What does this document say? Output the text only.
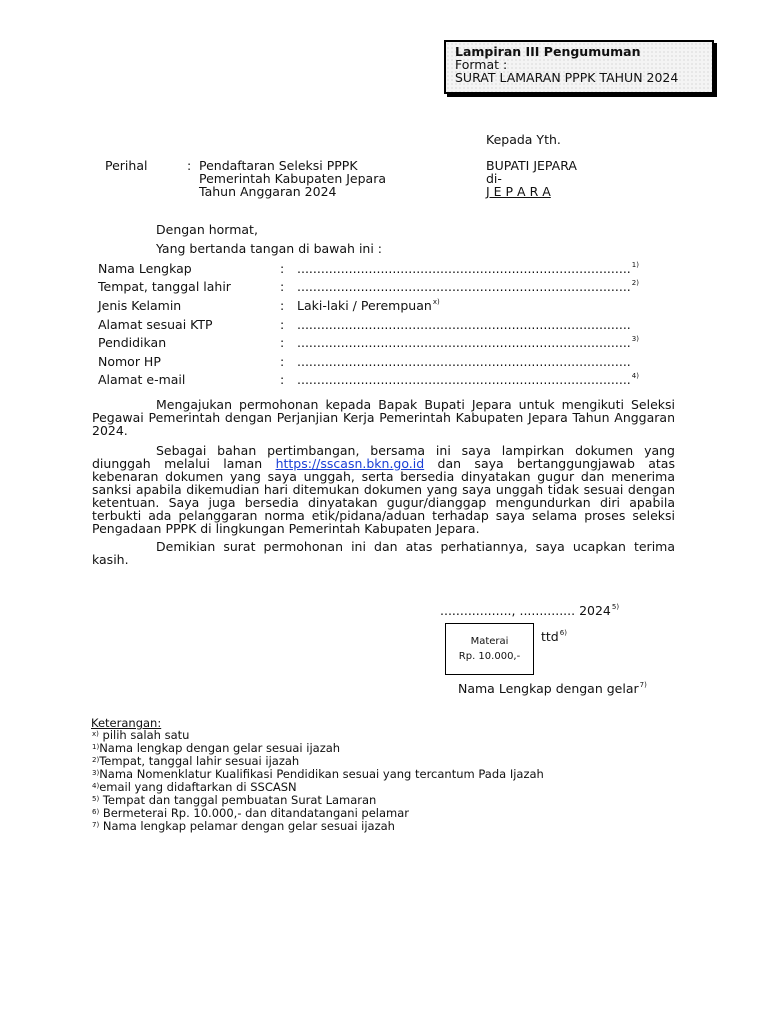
Lampiran III Pengumuman
Format :
SURAT LAMARAN PPPK TAHUN 2024
Kepada Yth.
BUPATI JEPARA
di-
J E P A R A
Perihal	: Pendaftaran Seleksi PPPK
Pemerintah Kabupaten Jepara
Tahun Anggaran 2024
Dengan hormat,
Yang bertanda tangan di bawah ini :
Nama Lengkap	: ....................................................................................$^{1)}$
Tempat, tanggal lahir	: ....................................................................................$^{2)}$
Jenis Kelamin	: Laki-laki / Perempuan$^{x)}$
Alamat sesuai KTP	: ....................................................................................
Pendidikan	: ....................................................................................$^{3)}$
Nomor HP	: ....................................................................................
Alamat e-mail	: ....................................................................................$^{4)}$
Mengajukan permohonan kepada Bapak Bupati Jepara untuk mengikuti Seleksi Pegawai Pemerintah dengan Perjanjian Kerja Pemerintah Kabupaten Jepara Tahun Anggaran 2024.
Sebagai bahan pertimbangan, bersama ini saya lampirkan dokumen yang diunggah melalui laman https://sscasn.bkn.go.id dan saya bertanggungjawab atas kebenaran dokumen yang saya unggah, serta bersedia dinyatakan gugur dan menerima sanksi apabila dikemudian hari ditemukan dokumen yang saya unggah tidak sesuai dengan ketentuan. Saya juga bersedia dinyatakan gugur/dianggap mengundurkan diri apabila terbukti ada pelanggaran norma etik/pidana/aduan terhadap saya selama proses seleksi Pengadaan PPPK di lingkungan Pemerintah Kabupaten Jepara.
Demikian surat permohonan ini dan atas perhatiannya, saya ucapkan terima kasih.
.................., .............. 2024$^{5)}$
Materai
Rp. 10.000,-
ttd$^{6)}$
Nama Lengkap dengan gelar$^{7)}$
Keterangan:
$^{x)}$ pilih salah satu
$^{1)}$Nama lengkap dengan gelar sesuai ijazah
$^{2)}$Tempat, tanggal lahir sesuai ijazah
$^{3)}$Nama Nomenklatur Kualifikasi Pendidikan sesuai yang tercantum Pada Ijazah
$^{4)}$email yang didaftarkan di SSCASN
$^{5)}$ Tempat dan tanggal pembuatan Surat Lamaran
$^{6)}$ Bermeterai Rp. 10.000,- dan ditandatangani pelamar
$^{7)}$ Nama lengkap pelamar dengan gelar sesuai ijazah
